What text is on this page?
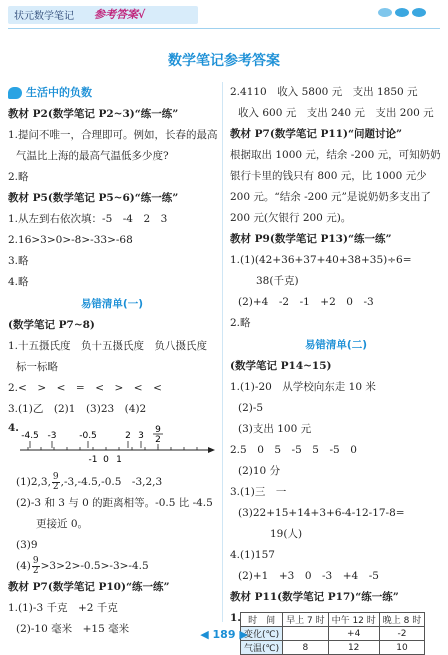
状元数学笔记 参考答案√
数学笔记参考答案
生活中的负数
教材 P2(数学笔记 P2~3)“练一练”
1.提问不唯一，合理即可。例如，长春的最高
气温比上海的最高气温低多少度?
2.略
教材 P5(数学笔记 P5~6)“练一练”
1.从左到右依次填：-5　-4　2　3
2.16>3>0>-8>-33>-68
3.略
4.略
易错清单(一)
(数学笔记 P7~8)
1.十五摄氏度　负十五摄氏度　负八摄氏度
标一标略
2.<　>　<　=　<　>　<　<
3.(1)乙　(2)1　(3)23　(4)2
4.
-4.5 -3	-0.5	2 3
9
2
-1 0 1
(1)2,3, $\frac{9}{2} ,-3,-4.5,-0.5$　-3,2,3
(2)-3 和 3 与 0 的距离相等。-0.5 比 -4.5
更接近 0。
(3)9
$(4) \frac{9}{2} >3>2>-0.5>-3>-4.5$
教材 P7(数学笔记 P10)“练一练”
1.(1)-3 千克　+2 千克
(2)-10 毫米　+15 毫米
2.4110　收入 5800 元　支出 1850 元
收入 600 元　支出 240 元　支出 200 元
教材 P7(数学笔记 P11)“问题讨论”
根据取出 1000 元，结余 -200 元，可知奶奶
银行卡里的钱只有 800 元，比 1000 元少
200 元。“结余 -200 元”是说奶奶多支出了
200 元(欠银行 200 元)。
教材 P9(数学笔记 P13)“练一练”
1.(1)(42+36+37+40+38+35)÷6=
38(千克)
(2)+4　-2　-1　+2　0　-3
2.略
易错清单(二)
(数学笔记 P14~15)
1.(1)-20　从学校向东走 10 米
(2)-5
(3)支出 100 元
2.5　0　5　-5　5　-5　0
(2)10 分
3.(1)三　一
(3)22+15+14+3+6-4-12-17-8=
19(人)
4.(1)157
(2)+1　+3　0　-3　+4　-5
教材 P11(数学笔记 P17)“练一练”
1. 时　间	早上 7 时	中午 12 时	晚上 8 时
变化(℃)		+4	-2
气温(℃)	8	12	10
◀ 189 ▶
